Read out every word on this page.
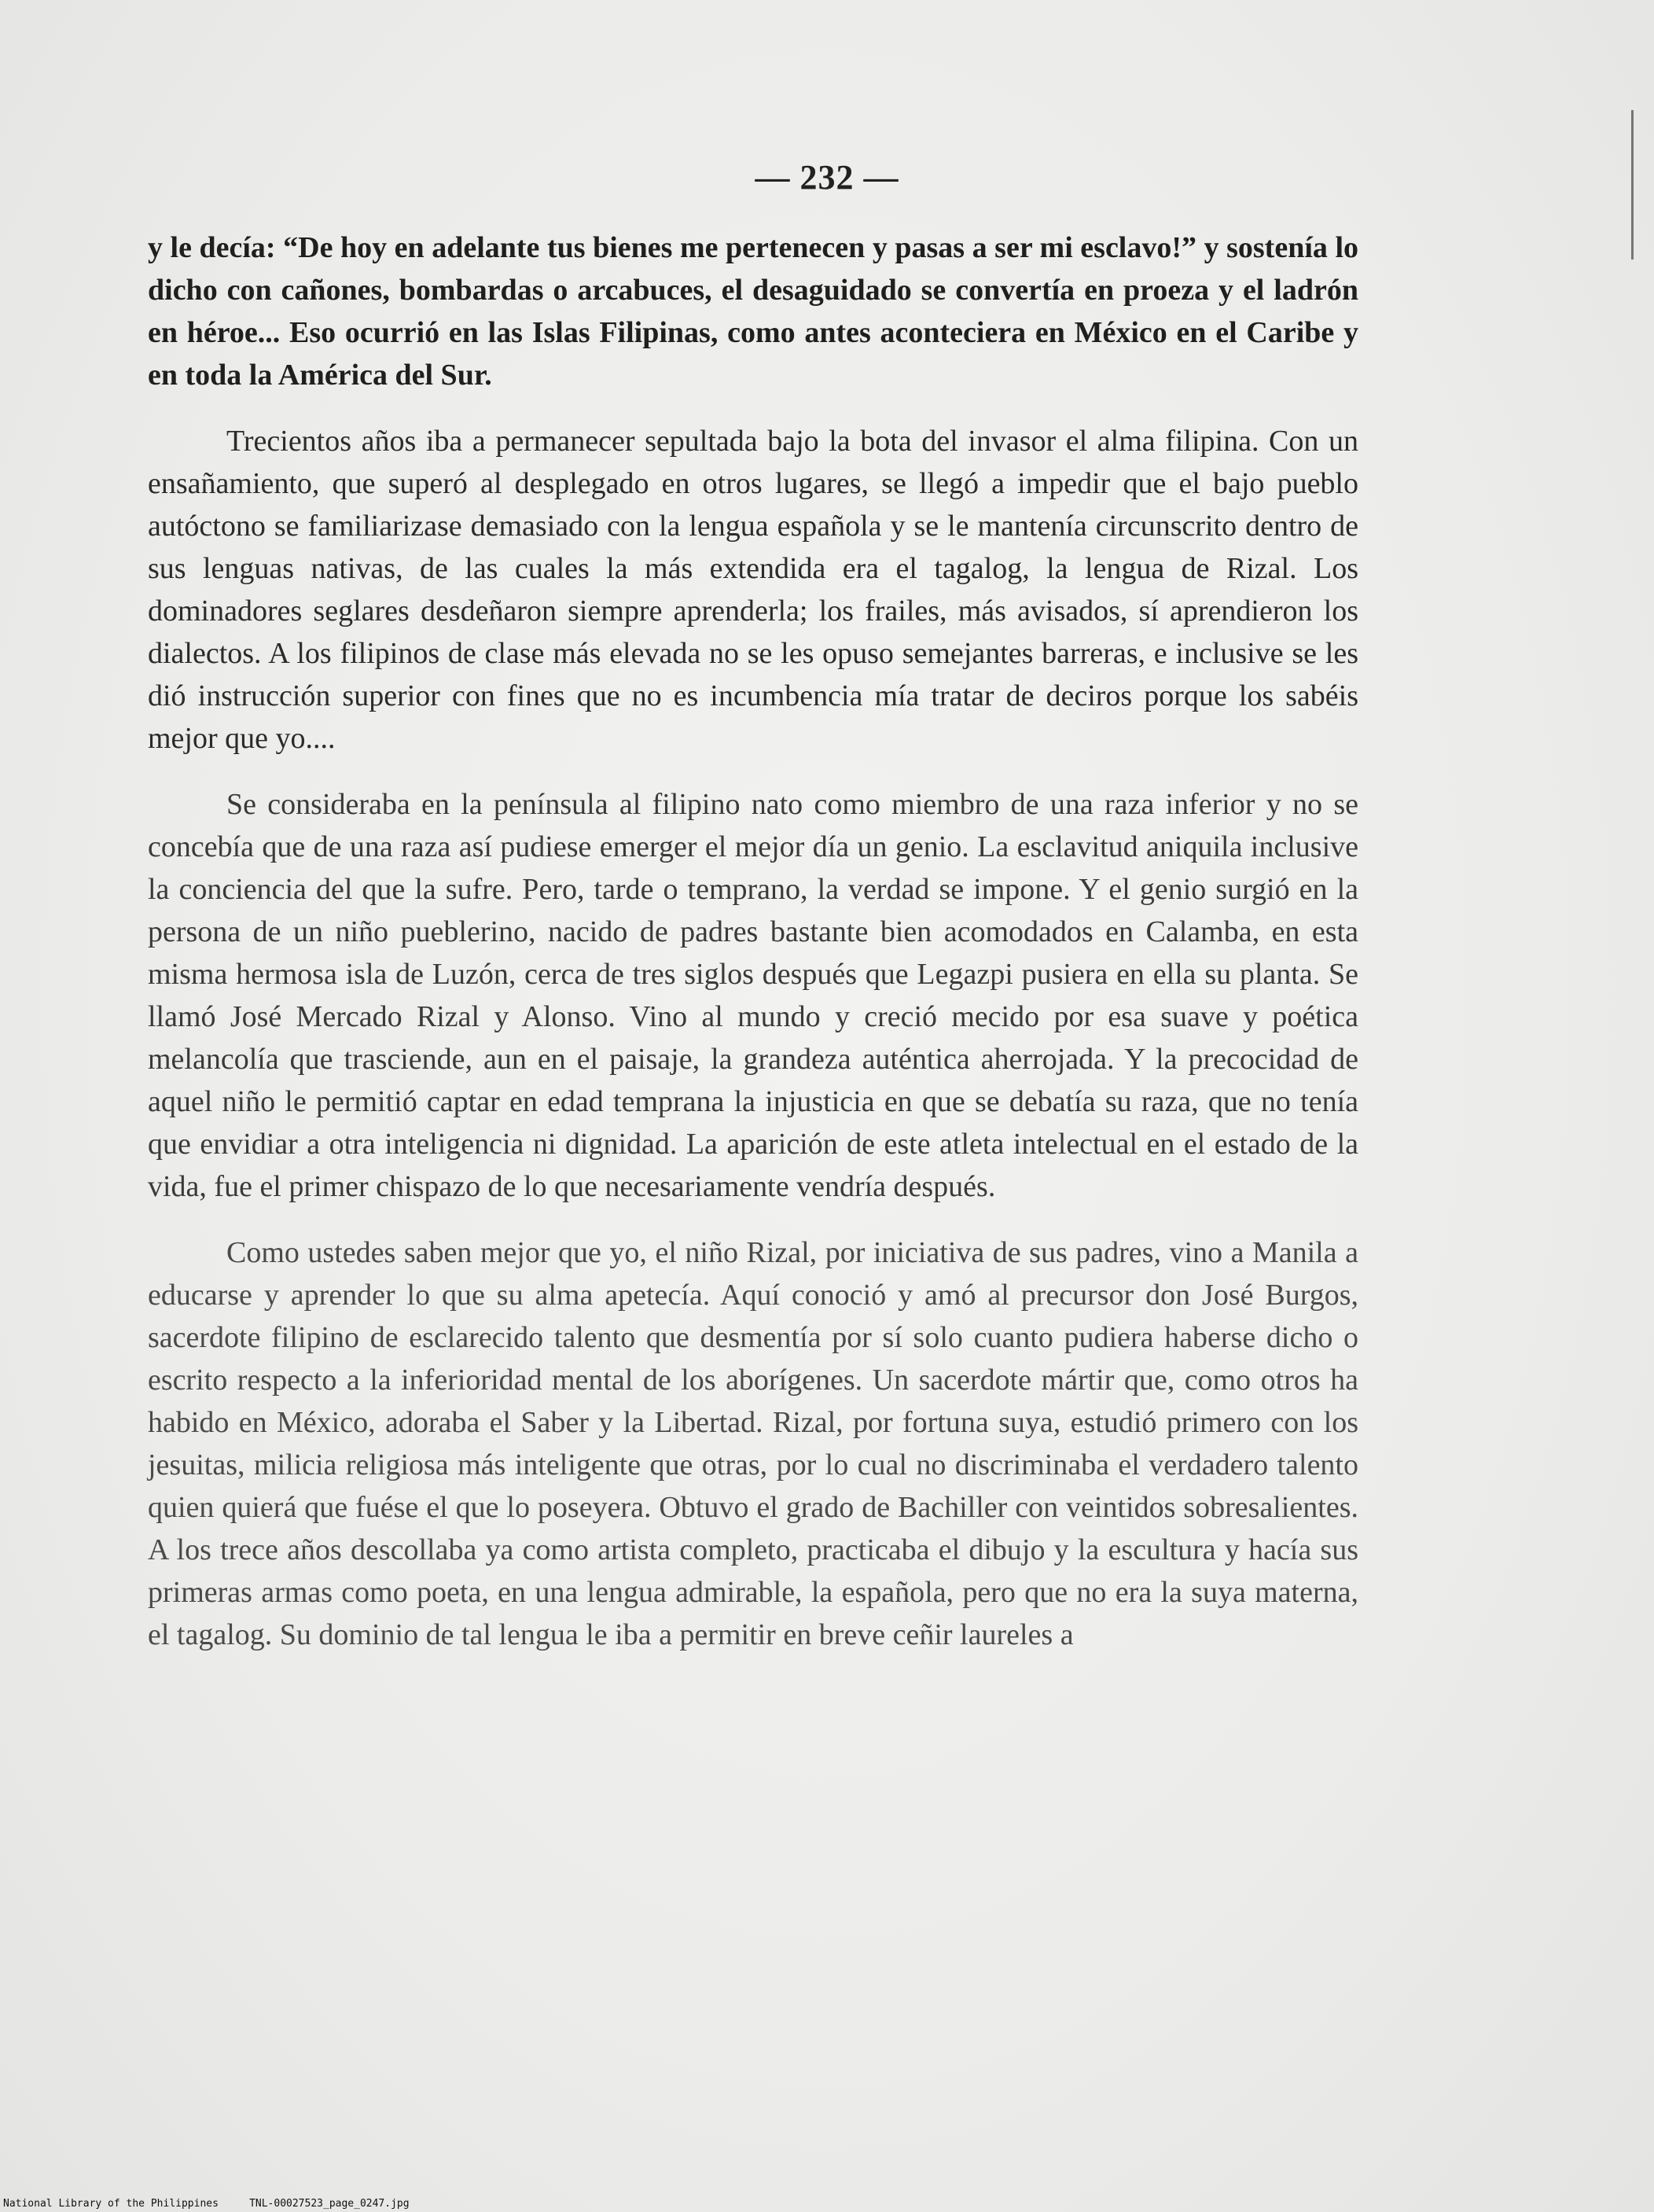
— 232 —

y le decía: “De hoy en adelante tus bienes me pertenecen y pasas a ser mi esclavo!” y sostenía lo dicho con cañones, bombardas o arcabuces, el desaguidado se convertía en proeza y el ladrón en héroe... Eso ocurrió en las Islas Filipinas, como antes aconteciera en México en el Caribe y en toda la América del Sur.

Trecientos años iba a permanecer sepultada bajo la bota del invasor el alma filipina. Con un ensañamiento, que superó al desplegado en otros lugares, se llegó a impedir que el bajo pueblo autóctono se familiarizase demasiado con la lengua española y se le mantenía circunscrito dentro de sus lenguas nativas, de las cuales la más extendida era el tagalog, la lengua de Rizal. Los dominadores seglares desdeñaron siempre aprenderla; los frailes, más avisados, sí aprendieron los dialectos. A los filipinos de clase más elevada no se les opuso semejantes barreras, e inclusive se les dió instrucción superior con fines que no es incumbencia mía tratar de deciros porque los sabéis mejor que yo....

Se consideraba en la península al filipino nato como miembro de una raza inferior y no se concebía que de una raza así pudiese emerger el mejor día un genio. La esclavitud aniquila inclusive la conciencia del que la sufre. Pero, tarde o temprano, la verdad se impone. Y el genio surgió en la persona de un niño pueblerino, nacido de padres bastante bien acomodados en Calamba, en esta misma hermosa isla de Luzón, cerca de tres siglos después que Legazpi pusiera en ella su planta. Se llamó José Mercado Rizal y Alonso. Vino al mundo y creció mecido por esa suave y poética melancolía que trasciende, aun en el paisaje, la grandeza auténtica aherrojada. Y la precocidad de aquel niño le permitió captar en edad temprana la injusticia en que se debatía su raza, que no tenía que envidiar a otra inteligencia ni dignidad. La aparición de este atleta intelectual en el estado de la vida, fue el primer chispazo de lo que necesariamente vendría después.

Como ustedes saben mejor que yo, el niño Rizal, por iniciativa de sus padres, vino a Manila a educarse y aprender lo que su alma apetecía. Aquí conoció y amó al precursor don José Burgos, sacerdote filipino de esclarecido talento que desmentía por sí solo cuanto pudiera haberse dicho o escrito respecto a la inferioridad mental de los aborígenes. Un sacerdote mártir que, como otros ha habido en México, adoraba el Saber y la Libertad. Rizal, por fortuna suya, estudió primero con los jesuitas, milicia religiosa más inteligente que otras, por lo cual no discriminaba el verdadero talento quien quierá que fuése el que lo poseyera. Obtuvo el grado de Bachiller con veintidos sobresalientes. A los trece años descollaba ya como artista completo, practicaba el dibujo y la escultura y hacía sus primeras armas como poeta, en una lengua admirable, la española, pero que no era la suya materna, el tagalog. Su dominio de tal lengua le iba a permitir en breve ceñir laureles a

National Library of the Philippines     TNL-00027523_page_0247.jpg
